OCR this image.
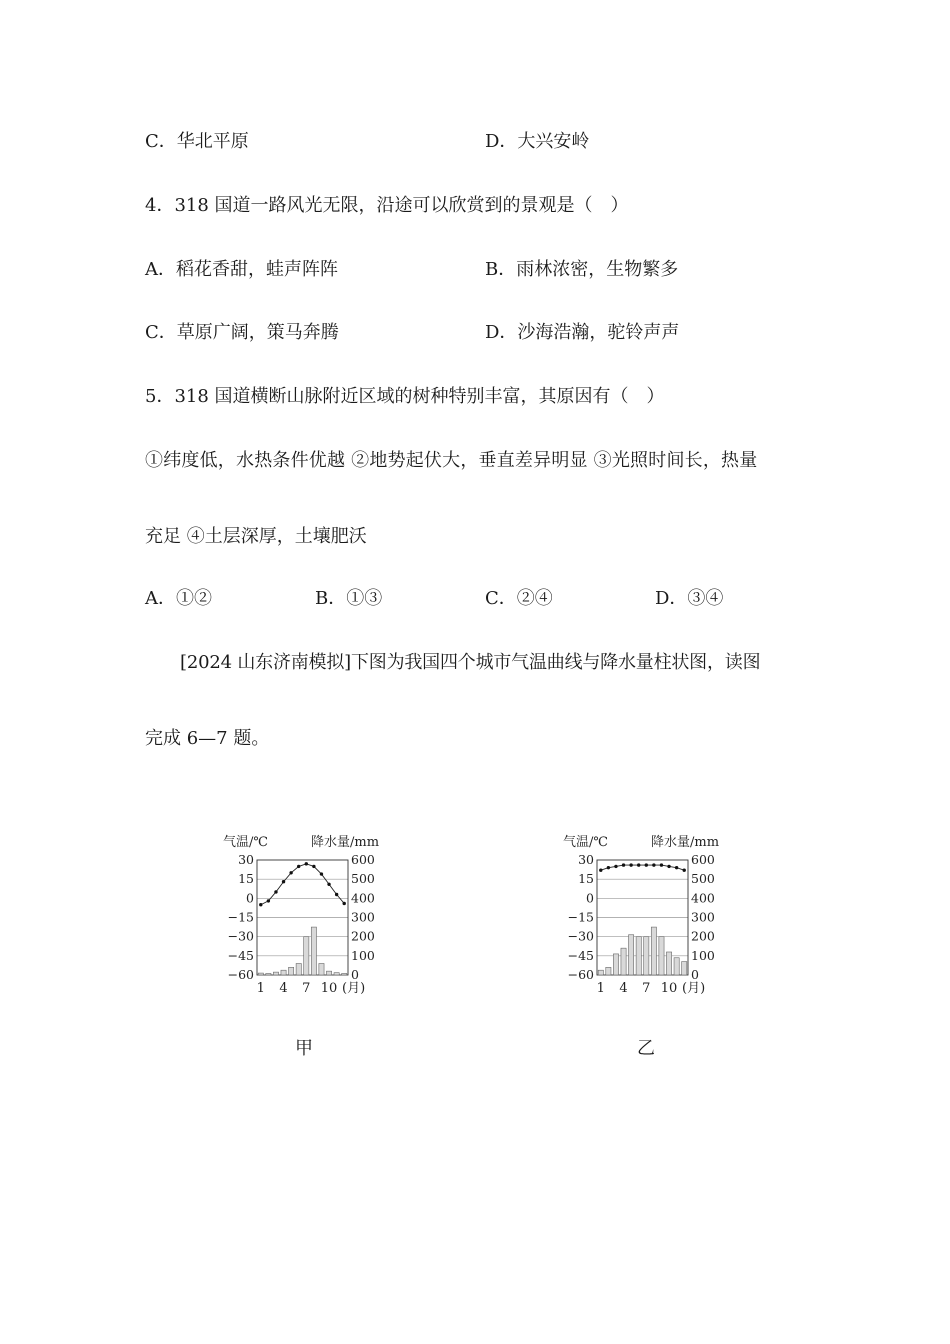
C．华北平原	D．大兴安岭
4．318 国道一路风光无限，沿途可以欣赏到的景观是（　）
A．稻花香甜，蛙声阵阵	B．雨林浓密，生物繁多
C．草原广阔，策马奔腾	D．沙海浩瀚，驼铃声声
5．318 国道横断山脉附近区域的树种特别丰富，其原因有（　）
①纬度低，水热条件优越 ②地势起伏大，垂直差异明显 ③光照时间长，热量
充足 ④土层深厚，土壤肥沃
A．①②	B．①③	C．②④	D．③④
[2024 山东济南模拟]下图为我国四个城市气温曲线与降水量柱状图，读图
完成 6—7 题。
气温/℃	降水量/mm
30	600
15	500
0	400
−15	300
−30	200
−45	100
−60	0
1 4 7 10 (月)
甲
气温/℃	降水量/mm
30	600
15	500
0	400
−15	300
−30	200
−45	100
−60	0
1 4 7 10 (月)
乙
